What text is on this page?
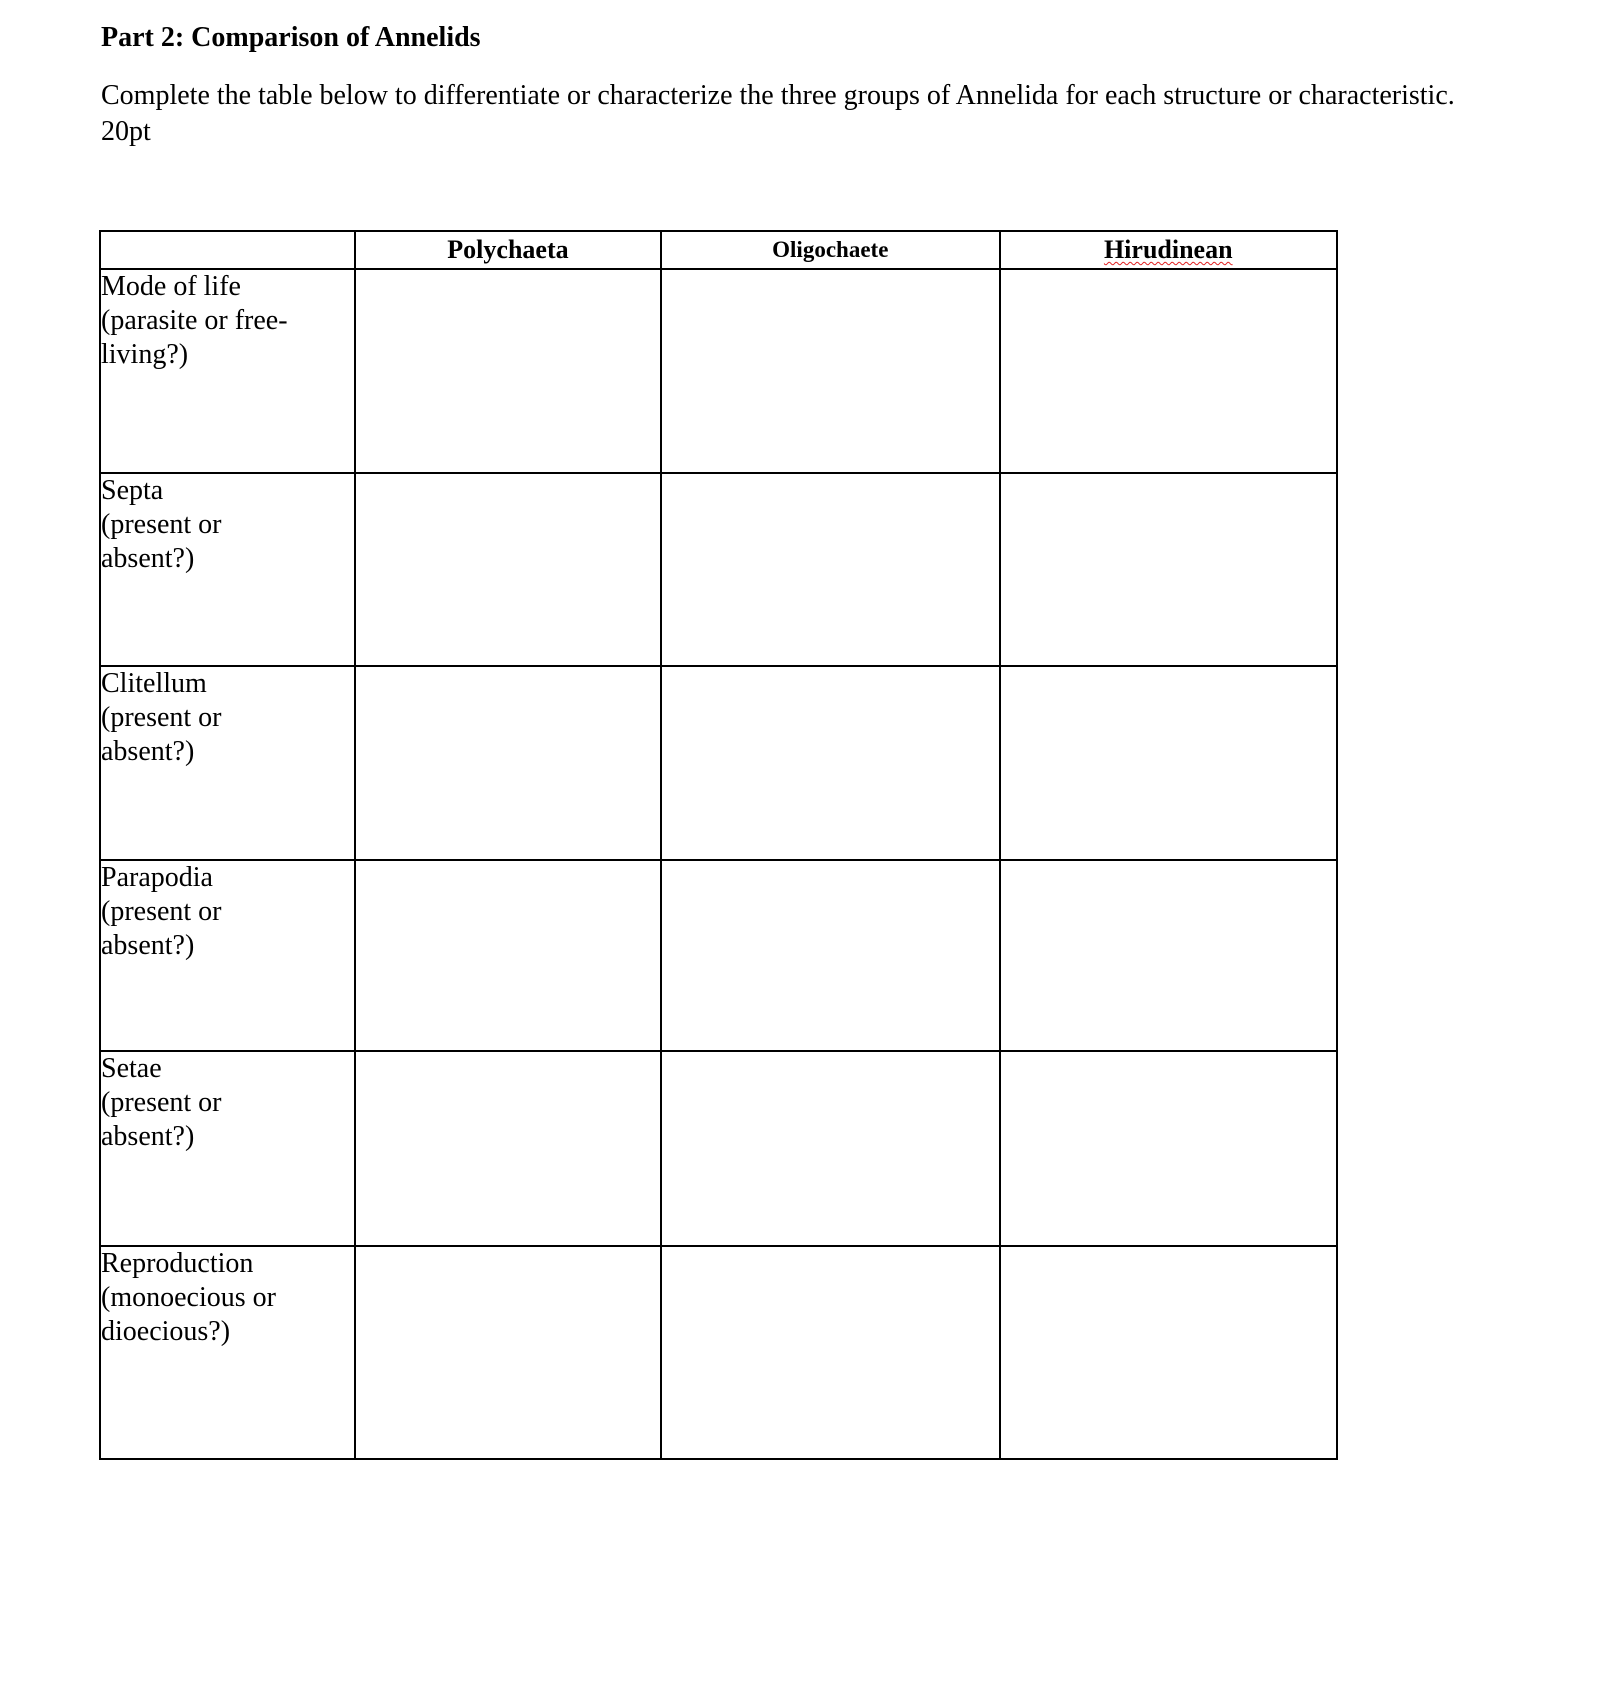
Part 2: Comparison of Annelids
Complete the table below to differentiate or characterize the three groups of Annelida for each structure or characteristic.
20pt
	Polychaeta	Oligochaete	Hirudinean

Mode of life
(parasite or free-
living?)			

Septa
(present or
absent?)			

Clitellum
(present or
absent?)			

Parapodia
(present or
absent?)			

Setae
(present or
absent?)			

Reproduction
(monoecious or
dioecious?)			
